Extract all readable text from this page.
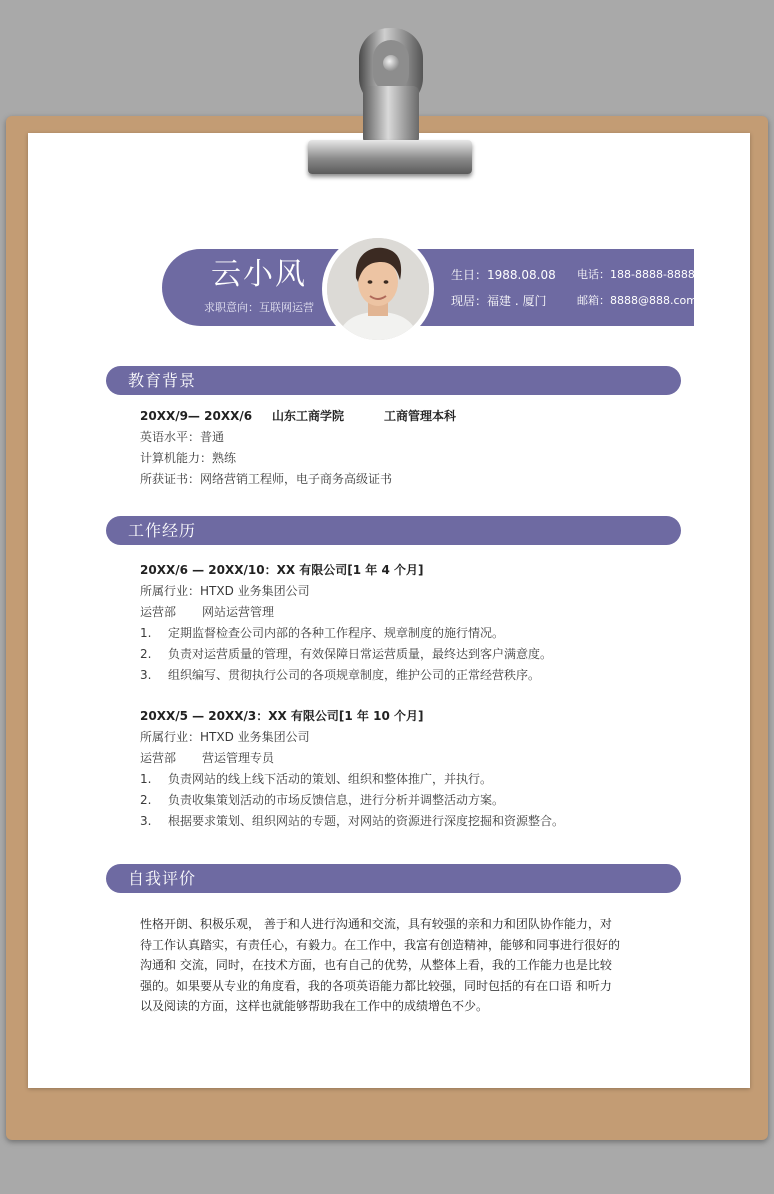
云小风
求职意向：互联网运营
生日：1988.08.08 电话：188-8888-8888
现居：福建 . 厦门	邮箱：8888@888.com
教育背景
20XX/9— 20XX/6 山东工商学院	工商管理本科
英语水平：普通
计算机能力：熟练
所获证书：网络营销工程师，电子商务高级证书
工作经历
20XX/6 — 20XX/10：XX 有限公司[1 年 4 个月]
所属行业：HTXD 业务集团公司
运营部 网站运营管理
1. 定期监督检查公司内部的各种工作程序、规章制度的施行情况。
2. 负责对运营质量的管理，有效保障日常运营质量，最终达到客户满意度。
3. 组织编写、贯彻执行公司的各项规章制度，维护公司的正常经营秩序。
20XX/5 — 20XX/3：XX 有限公司[1 年 10 个月]
所属行业：HTXD 业务集团公司
运营部 营运管理专员
1. 负责网站的线上线下活动的策划、组织和整体推广，并执行。
2. 负责收集策划活动的市场反馈信息，进行分析并调整活动方案。
3. 根据要求策划、组织网站的专题，对网站的资源进行深度挖掘和资源整合。
自我评价

性格开朗、积极乐观， 善于和人进行沟通和交流，具有较强的亲和力和团队协作能力，对

待工作认真踏实，有责任心，有毅力。在工作中，我富有创造精神，能够和同事进行很好的

沟通和 交流，同时，在技术方面，也有自己的优势，从整体上看，我的工作能力也是比较

强的。如果要从专业的角度看，我的各项英语能力都比较强，同时包括的有在口语 和听力

以及阅读的方面，这样也就能够帮助我在工作中的成绩增色不少。
